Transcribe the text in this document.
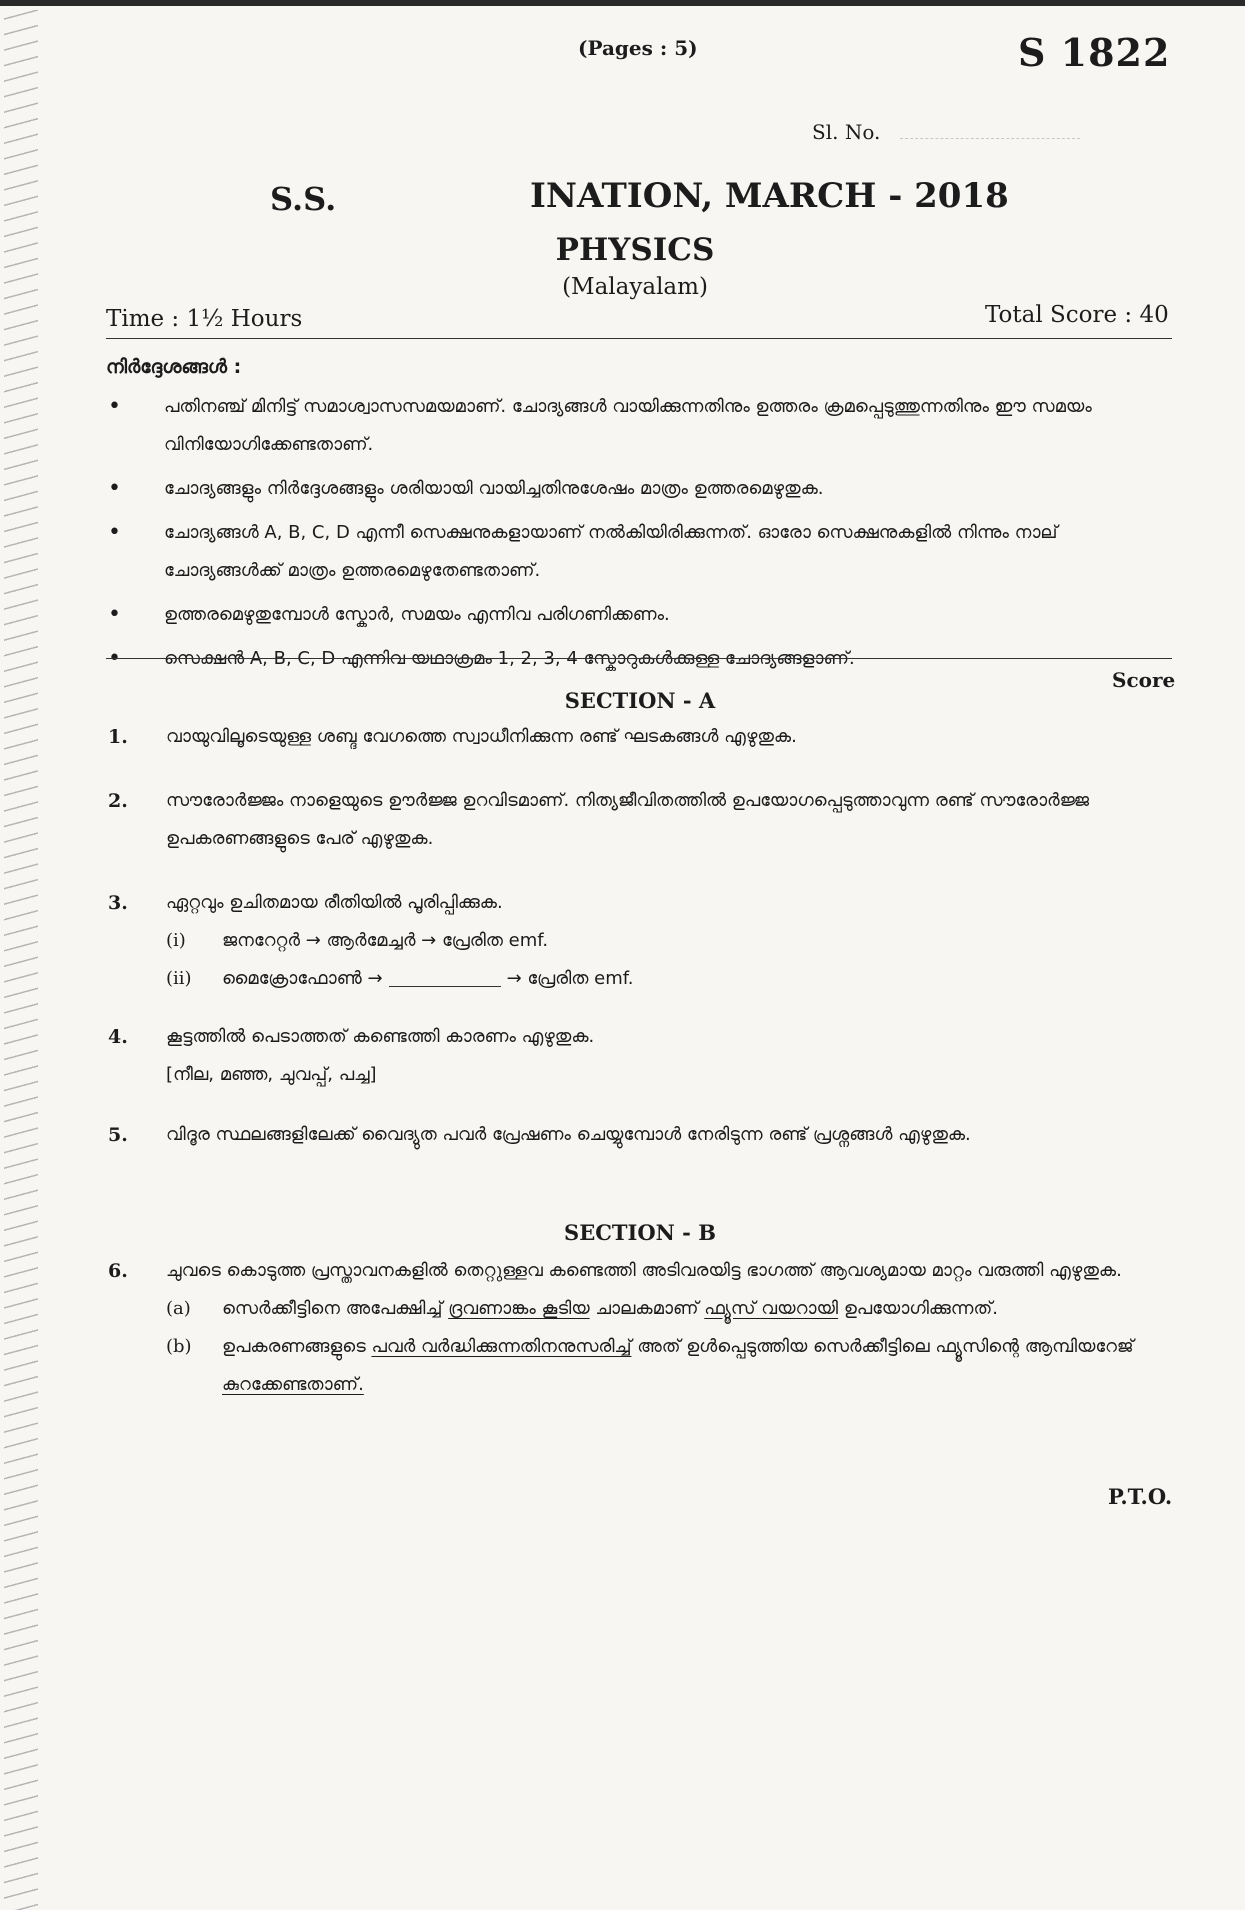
(Pages : 5)	S 1822
Sl. No.
S.S.	INATION, MARCH - 2018
PHYSICS
(Malayalam)
Time : 1½ Hours	Total Score : 40
നിർദ്ദേശങ്ങൾ :
•	പതിനഞ്ച് മിനിട്ട് സമാശ്വാസസമയമാണ്. ചോദ്യങ്ങൾ വായിക്കുന്നതിനും ഉത്തരം ക്രമപ്പെടുത്തുന്നതിനും ഈ സമയം വിനിയോഗിക്കേണ്ടതാണ്.
•	ചോദ്യങ്ങളും നിർദ്ദേശങ്ങളും ശരിയായി വായിച്ചതിനുശേഷം മാത്രം ഉത്തരമെഴുതുക.
•	ചോദ്യങ്ങൾ A, B, C, D എന്നീ സെക്ഷനുകളായാണ് നൽകിയിരിക്കുന്നത്. ഓരോ സെക്ഷനുകളിൽ നിന്നും നാല് ചോദ്യങ്ങൾക്ക് മാത്രം ഉത്തരമെഴുതേണ്ടതാണ്.
•	ഉത്തരമെഴുതുമ്പോൾ സ്കോർ, സമയം എന്നിവ പരിഗണിക്കണം.
•	സെക്ഷൻ A, B, C, D എന്നിവ യഥാക്രമം 1, 2, 3, 4 സ്കോറുകൾക്കുള്ള ചോദ്യങ്ങളാണ്.
Score
SECTION - A
1.	വായുവിലൂടെയുള്ള ശബ്ദ വേഗത്തെ സ്വാധീനിക്കുന്ന രണ്ട് ഘടകങ്ങൾ എഴുതുക.
2.	സൗരോർജ്ജം നാളെയുടെ ഊർജ്ജ ഉറവിടമാണ്. നിത്യജീവിതത്തിൽ ഉപയോഗപ്പെടുത്താവുന്ന രണ്ട് സൗരോർജ്ജ ഉപകരണങ്ങളുടെ പേര് എഴുതുക.
3.	ഏറ്റവും ഉചിതമായ രീതിയിൽ പൂരിപ്പിക്കുക.
(i)	ജനറേറ്റർ → ആർമേച്ചർ → പ്രേരിത emf.
(ii)	മൈക്രോഫോൺ →	→ പ്രേരിത emf.
4.	കൂട്ടത്തിൽ പെടാത്തത് കണ്ടെത്തി കാരണം എഴുതുക.
[നീല, മഞ്ഞ, ചുവപ്പ്, പച്ച]
5.	വിദൂര സ്ഥലങ്ങളിലേക്ക് വൈദ്യുത പവർ പ്രേഷണം ചെയ്യുമ്പോൾ നേരിടുന്ന രണ്ട് പ്രശ്നങ്ങൾ എഴുതുക.
SECTION - B
6.	ചുവടെ കൊടുത്ത പ്രസ്താവനകളിൽ തെറ്റുള്ളവ കണ്ടെത്തി അടിവരയിട്ട ഭാഗത്ത് ആവശ്യമായ മാറ്റം വരുത്തി എഴുതുക.
(a)	സെർക്കീട്ടിനെ അപേക്ഷിച്ച് ദ്രവണാങ്കം കൂടിയ ചാലകമാണ് ഫ്യൂസ് വയറായി ഉപയോഗിക്കുന്നത്.
(b)	ഉപകരണങ്ങളുടെ പവർ വർദ്ധിക്കുന്നതിനനുസരിച്ച് അത് ഉൾപ്പെടുത്തിയ സെർക്കീട്ടിലെ ഫ്യൂസിന്റെ ആമ്പിയറേജ് കുറക്കേണ്ടതാണ്.
P.T.O.
